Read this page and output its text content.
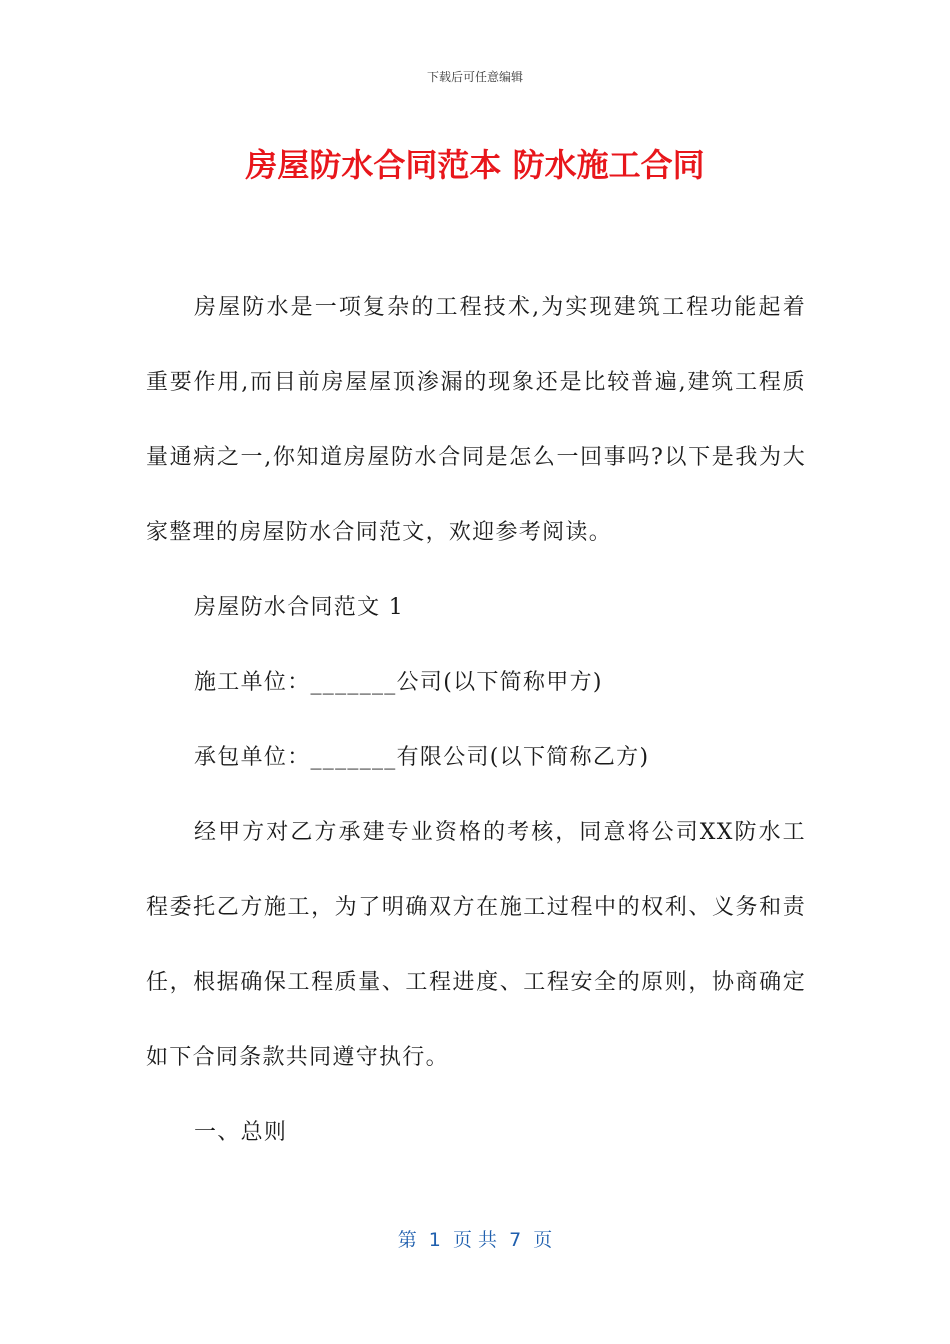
下载后可任意编辑
房屋防水合同范本 防水施工合同

房屋防水是一项复杂的工程技术,为实现建筑工程功能起着重要作用,而目前房屋屋顶渗漏的现象还是比较普遍,建筑工程质量通病之一,你知道房屋防水合同是怎么一回事吗?以下是我为大家整理的房屋防水合同范文，欢迎参考阅读。

房屋防水合同范文 1

施工单位：_______公司(以下简称甲方)

承包单位：_______有限公司(以下简称乙方)

经甲方对乙方承建专业资格的考核，同意将公司XX防水工程委托乙方施工，为了明确双方在施工过程中的权利、义务和责任，根据确保工程质量、工程进度、工程安全的原则，协商确定如下合同条款共同遵守执行。

一、总则

第  1  页 共  7  页
